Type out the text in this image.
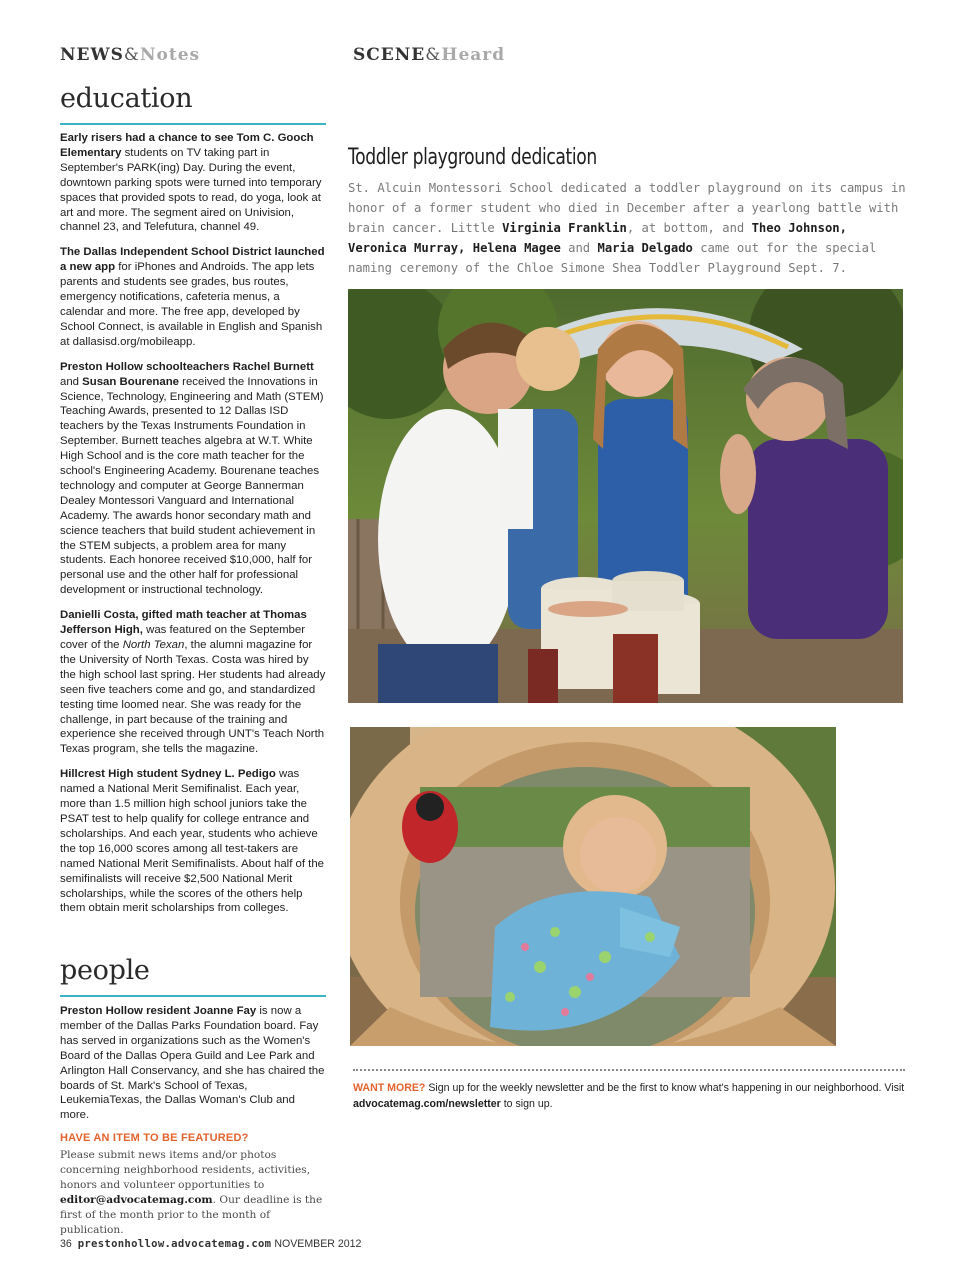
NEWS&Notes	SCENE&Heard
education

Early risers had a chance to see Tom C. Gooch Elementary students on TV taking part in September's PARK(ing) Day. During the event, downtown parking spots were turned into temporary spaces that provided spots to read, do yoga, look at art and more. The segment aired on Univision, channel 23, and Telefutura, channel 49.

The Dallas Independent School District launched a new app for iPhones and Androids. The app lets parents and students see grades, bus routes, emergency notifications, cafeteria menus, a calendar and more. The free app, developed by School Connect, is available in English and Spanish at dallasisd.org/mobileapp.

Preston Hollow schoolteachers Rachel Burnett and Susan Bourenane received the Innovations in Science, Technology, Engineering and Math (STEM) Teaching Awards, presented to 12 Dallas ISD teachers by the Texas Instruments Foundation in September. Burnett teaches algebra at W.T. White High School and is the core math teacher for the school's Engineering Academy. Bourenane teaches technology and computer at George Bannerman Dealey Montessori Vanguard and International Academy. The awards honor secondary math and science teachers that build student achievement in the STEM subjects, a problem area for many students. Each honoree received $10,000, half for personal use and the other half for professional development or instructional technology.

Danielli Costa, gifted math teacher at Thomas Jefferson High, was featured on the September cover of the North Texan, the alumni magazine for the University of North Texas. Costa was hired by the high school last spring. Her students had already seen five teachers come and go, and standardized testing time loomed near. She was ready for the challenge, in part because of the training and experience she received through UNT's Teach North Texas program, she tells the magazine.

Hillcrest High student Sydney L. Pedigo was named a National Merit Semifinalist. Each year, more than 1.5 million high school juniors take the PSAT test to help qualify for college entrance and scholarships. And each year, students who achieve the top 16,000 scores among all test-takers are named National Merit Semifinalists. About half of the semifinalists will receive $2,500 National Merit scholarships, while the scores of the others help them obtain merit scholarships from colleges.

people

Preston Hollow resident Joanne Fay is now a member of the Dallas Parks Foundation board. Fay has served in organizations such as the Women's Board of the Dallas Opera Guild and Lee Park and Arlington Hall Conservancy, and she has chaired the boards of St. Mark's School of Texas, LeukemiaTexas, the Dallas Woman's Club and more.

HAVE AN ITEM TO BE FEATURED?
Please submit news items and/or photos concerning neighborhood residents, activities, honors and volunteer opportunities to editor@advocatemag.com. Our deadline is the first of the month prior to the month of publication.
Toddler playground dedication
St. Alcuin Montessori School dedicated a toddler playground on its campus in honor of a former student who died in December after a yearlong battle with brain cancer. Little Virginia Franklin, at bottom, and Theo Johnson, Veronica Murray, Helena Magee and Maria Delgado came out for the special naming ceremony of the Chloe Simone Shea Toddler Playground Sept. 7.
WANT MORE? Sign up for the weekly newsletter and be the first to know what's happening in our neighborhood. Visit advocatemag.com/newsletter to sign up.
36 prestonhollow.advocatemag.com NOVEMBER 2012
